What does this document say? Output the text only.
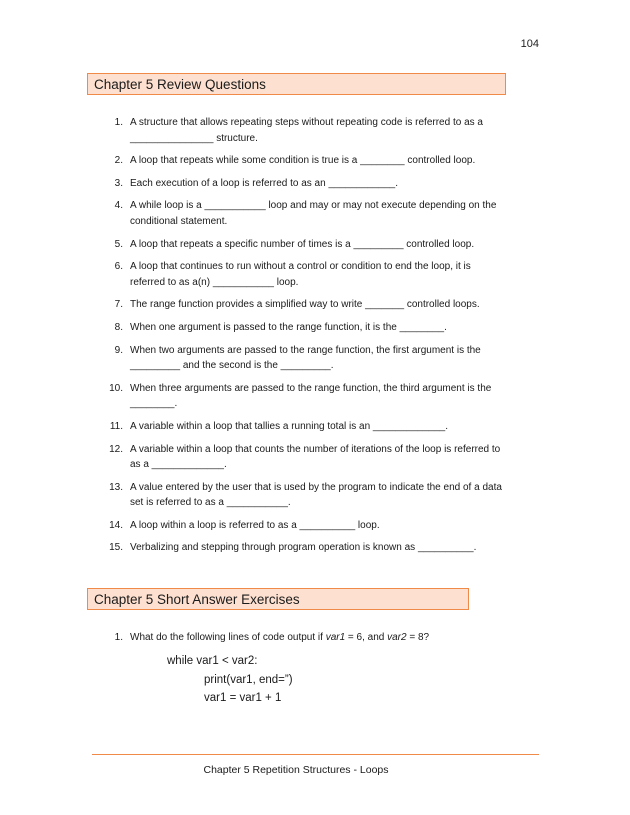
104
Chapter 5 Review Questions
1 . A structure that allows repeating steps without repeating code is referred to as a _______________ structure.
2 . A loop that repeats while some condition is true is a ________ controlled loop.
3 . Each execution of a loop is referred to as an ____________.
4 . A while loop is a ___________ loop and may or may not execute depending on the conditional statement.
5 . A loop that repeats a specific number of times is a _________ controlled loop.
6 . A loop that continues to run without a control or condition to end the loop, it is referred to as a(n) ___________ loop.
7 . The range function provides a simplified way to write _______ controlled loops.
8 . When one argument is passed to the range function, it is the ________.
9 . When two arguments are passed to the range function, the first argument is the _________ and the second is the _________.
10 . When three arguments are passed to the range function, the third argument is the ________.
11 . A variable within a loop that tallies a running total is an _____________.
12 . A variable within a loop that counts the number of iterations of the loop is referred to as a _____________.
13 . A value entered by the user that is used by the program to indicate the end of a data set is referred to as a ___________.
14 . A loop within a loop is referred to as a __________ loop.
15 . Verbalizing and stepping through program operation is known as __________.
Chapter 5 Short Answer Exercises
1 . What do the following lines of code output if var1 = 6, and var2 = 8?
while var1 < var2:
print(var1, end=”)
var1 = var1 + 1
Chapter 5 Repetition Structures - Loops
